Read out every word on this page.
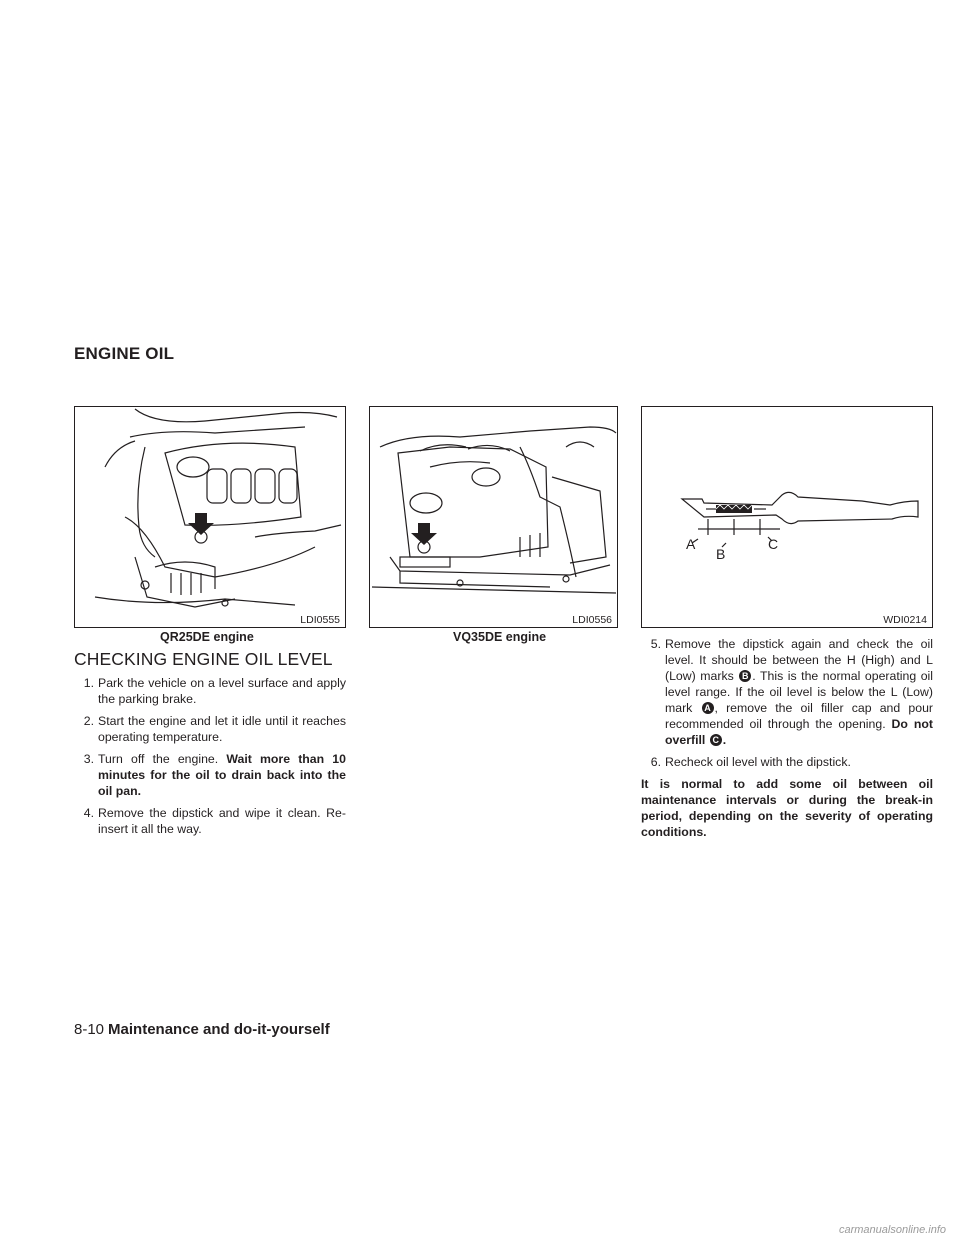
ENGINE OIL
LDI0555	LDI0556
A
B
C
WDI0214
QR25DE engine	VQ35DE engine
CHECKING ENGINE OIL LEVEL
1. Park the vehicle on a level surface and apply the parking brake.
2. Start the engine and let it idle until it reaches operating temperature.
3. Turn off the engine. Wait more than 10 minutes for the oil to drain back into the oil pan.
4. Remove the dipstick and wipe it clean. Re-insert it all the way.
5. Remove the dipstick again and check the oil level. It should be between the H (High) and L (Low) marks B . This is the normal operating oil level range. If the oil level is below the L (Low) mark A , remove the oil filler cap and pour recommended oil through the opening. Do not overfill C .
6. Recheck oil level with the dipstick.
It is normal to add some oil between oil maintenance intervals or during the break-in period, depending on the severity of operating conditions.
8-10 Maintenance and do-it-yourself
carmanualsonline.info
